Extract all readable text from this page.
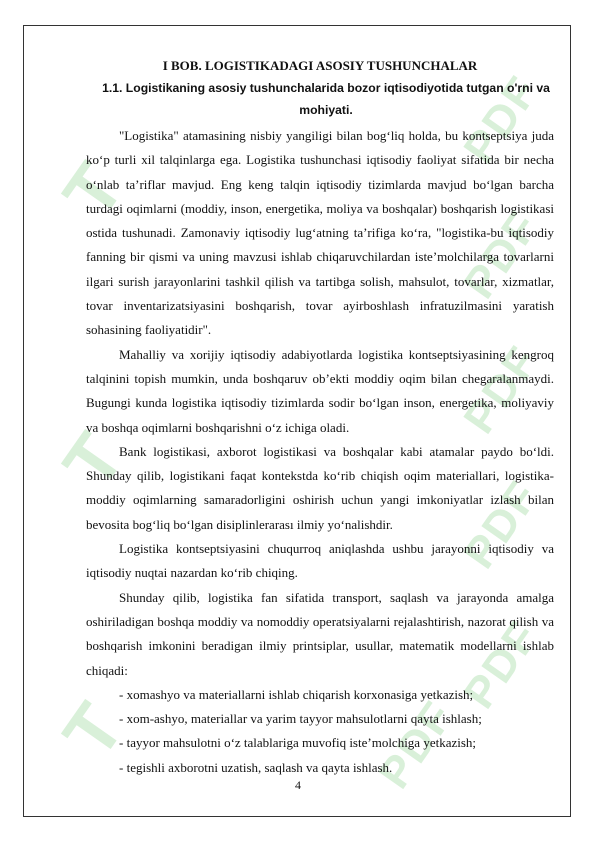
T
T
T
PDF
PDF
PDF
PDF
PDF
PDF
I BOB. LOGISTIKADAGI ASOSIY TUSHUNCHALAR
1.1. Logistikaning asosiy tushunchalarida bozor iqtisodiyotida tutgan o'rni va mohiyati.

"Logistika" atamasining nisbiy yangiligi bilan bog‘liq holda, bu kontseptsiya juda ko‘p turli xil talqinlarga ega. Logistika tushunchasi iqtisodiy faoliyat sifatida bir necha o‘nlab ta’riflar mavjud. Eng keng talqin iqtisodiy tizimlarda mavjud bo‘lgan barcha turdagi oqimlarni (moddiy, inson, energetika, moliya va boshqalar) boshqarish logistikasi ostida tushunadi. Zamonaviy iqtisodiy lug‘atning ta’rifiga ko‘ra, "logistika-bu iqtisodiy fanning bir qismi va uning mavzusi ishlab chiqaruvchilardan iste’molchilarga tovarlarni ilgari surish jarayonlarini tashkil qilish va tartibga solish, mahsulot, tovarlar, xizmatlar, tovar inventarizatsiyasini boshqarish, tovar ayirboshlash infratuzilmasini yaratish sohasining faoliyatidir".

Mahalliy va xorijiy iqtisodiy adabiyotlarda logistika kontseptsiyasining kengroq talqinini topish mumkin, unda boshqaruv ob’ekti moddiy oqim bilan chegaralanmaydi. Bugungi kunda logistika iqtisodiy tizimlarda sodir bo‘lgan inson, energetika, moliyaviy va boshqa oqimlarni boshqarishni o‘z ichiga oladi.

Bank logistikasi, axborot logistikasi va boshqalar kabi atamalar paydo bo‘ldi. Shunday qilib, logistikani faqat kontekstda ko‘rib chiqish oqim materiallari, logistika-moddiy oqimlarning samaradorligini oshirish uchun yangi imkoniyatlar izlash bilan bevosita bog‘liq bo‘lgan disiplinlerarası ilmiy yo‘nalishdir.

Logistika kontseptsiyasini chuqurroq aniqlashda ushbu jarayonni iqtisodiy va iqtisodiy nuqtai nazardan ko‘rib chiqing.

Shunday qilib, logistika fan sifatida transport, saqlash va jarayonda amalga oshiriladigan boshqa moddiy va nomoddiy operatsiyalarni rejalashtirish, nazorat qilish va boshqarish imkonini beradigan ilmiy printsiplar, usullar, matematik modellarni ishlab chiqadi:

- xomashyo va materiallarni ishlab chiqarish korxonasiga yetkazish;
- xom-ashyo, materiallar va yarim tayyor mahsulotlarni qayta ishlash;
- tayyor mahsulotni o‘z talablariga muvofiq iste’molchiga yetkazish;
- tegishli axborotni uzatish, saqlash va qayta ishlash.
4
